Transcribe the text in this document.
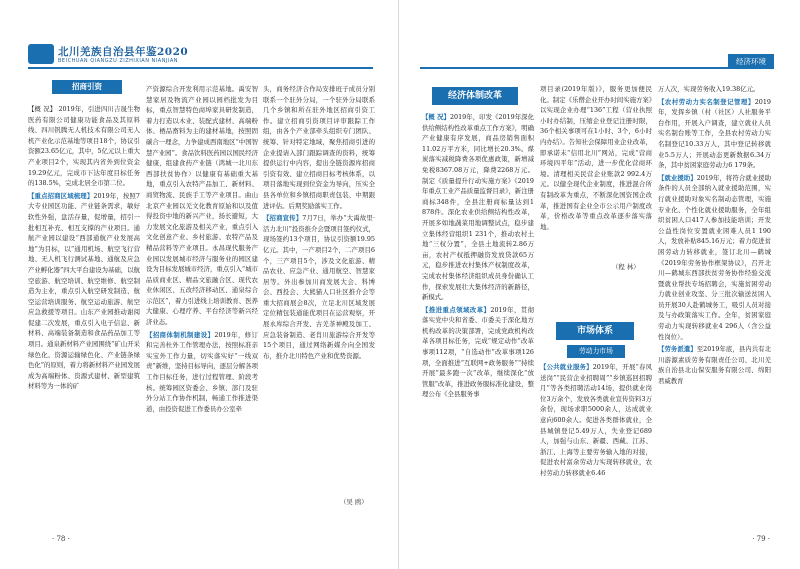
北川羌族自治县年鉴2020
BEICHUAN QIANGZU ZIZHIXIAN NIANJIAN

【概 况】 2019年，引进四川吉晟生物医药有限公司健康功能食品及其原料线、四川钒腾无人机技术有限公司无人机产业化示范基地等项目18个，协议引资额23.65亿元，其中，5亿元以上重大产业项目2个，实现其内省外到位资金19.29亿元，完成市下达年度目标任务的138.5%，完成北居全市第二位。

【重点招商区域梳理】2019年，按照7大专业园区功能、产业链条需求，敏好软性外强，盘活存量，促增量，招引一批相互补充、相互支撑的产业项目。通航产业园以建设“西部通航产业发展高地”为目标，以“通用机场、航空飞行营地、无人机飞行测试基地、通航及应急产业孵化器”四大平台建设为基础，以航空旅游、航空培训、航空维修、航空制造为主业，重点引入航空研发制造、航空运营培训服务、航空运动旅游、航空应急救援等项目。山东产业园推动谢阅促建二次发展，重点引入电子信息、新材料、高端装备制造和食品药品加工等项目。通泉新材料产业园围绕“矿山开采绿色化、资源运输绿色化、产业链条绿色化”的原则，着力将新材料产业园发展成为高端粉体、资源式建材、新型建筑材料等为一体的矿

招商引资	产资源综合开发利用示范基地。禹安智慧家居及物流产业园以园档批发为目标，重点智慧特色商埠家具研发制造，着力打造以木业、装配式建材、高端粉体、栖品畜料为主的建材基地，按照固碳合一理念，力争建成西南地区“中国智慧产业园”。食品饮料医药园以国民经济健康，组建食药产业链（鸿城一北川东西部扶贫协作）以健康有基础重大基地，重点引入农特产品加工、新材料、商贸物流、民族手工等产业项目。曲山北京产业园以羌文化教育原始和以及值得投资中地的新兴产业，扬长避短，大力发展文化旅游及相关产业，重点引入文化创意产业、乡村旅游、农特产品及精品营料等产业项目。永昌现代服务产业园以发展城市经济与服务业的园区建设为目标发展城市经济，重点引入“城市品质商业区、精品文旅融合区、现代农业休闲区、五改经济移动区、通泉综合示范区”，着力引进线上培训教育、医养大健康、心理疗养、平台经济等新兴经济业态。

【招商体制机制建设】2019年，修订和完善杜外工作管理办法，按照标准亲实宝外工作力量，切实落实好“一线双责”新维，坚持目标导向，逐层分解各项工作目标任务，进行过程管理、阶段考核。统筹园区资委会、乡镇、部门及驻外分站工作协作机制，畅通工作推进渠道，由投资促进工作委员办公室牵

头，商务经济合作局安排班子成员分别联系一个驻外分局，一个驻外分局联系几个乡镇和所在驻外地区招商引资工作。建立招商引资项目评审跟踪工作组，由各个产业部牵头组织专门团队、统筹、针对特定地域，聚焦招商引进的企业提请入部门跟踪调查的资料，统筹提供运行中内容，提出全链资源库招商引资有效、建立招商目标考核体系，以项目落地实现到位资金为导向，压实全县各单位和乡镇招商职责包装、中期跟进评估。后期奖励落实工作。

【招商宣传】7月7日，举办“大禹故里·活力北川”投资推介会暨项目签约仪式，现场签约13个项目，协议引资额19.95亿元。其中，一产项目2个，二产项目6个，三产项目5个，涉及文化旅游、精品农业、应急产业、通用航空、智慧家居等。外出参加川商发展大会、科博会、西投会、大熊猫人口社区推介会等重大招商展会8次，立足北川区域发展定位精包装通能优项目在运营观察，开展永库综合开发、古羌茶神殿及加工、应急装备制造、老肖川旅游综合开发等15个项目，通过网络新媒介向全国发布，推介北川特色产业和优势资源。

（吴 鸥）
· 78 ·
经济环境
经济体制改革

【概 况】2019年，印发《2019年深化供给侧结构性改革重点工作方案》，明确产业健康有序发展，商品房销售面积11.02万平方米，同比增长20.3%。煤炭落实减税降费各项优惠政策，新增减免税8367.08万元，降费2268万元。制定《质量提升行动实施方案》《2019年重点工业产品质量监督目录》，新注册商标348件，全县注册商标量达到1 878件。深化农业供给侧结构性改革，开展多如地蔬菜用地调整试点，稳步建立集体经营组织1 231个，推动农村土地“三权分置”，全县土地流转2.86万亩，农村产权抵押融资发放贷款65万元，稳步推进农村集体产权制度改革，完成农村集体经济组织成员身份确认工作，探索发展壮大集体经济的新路径，新模式。

【推进重点领域改革】2019年，贯彻落实党中央和省委、市委关于深化地方机构改革的决策部署，完成党政机构改革各项目标任务，完成“规定动作”改革事项112项，“自选动作”改革事项126项，全面推进“互联网+政务服务”“持续开展“最多跑一次”改革，继续深化“放管服”改革，推进政务服标准化建设，整理公布《全县服务事

项目录(2019年版)》，服务更加便民化。制定《乐僧企业开办时间实施方案》以实现企业办理“136”工程（营业执照小时办结制，压缩企业登记注册时限，36个相关事项可在1小时、3个，6小时内办结）。告知社会保障用业企业改革，即承诺未“信用北川”网站，完成“营商环境四平年”活动，进一步优化营商环境。清理相关民营企业账款2 992.4万元。以健全现代企业制度，推进混合所有制改革为重点，不断深化国资国企改革，推进国有企业全市公示用户制度改革，价格改革等重点改革逐步落实落地。

（程 林）
市场体系
劳动力市场

【公共就业服务】2019年，开展“春风送岗”“民营企业招聘周”“乡镇巡回招聘月”等各类招聘活动14场，提供就业岗位3万余个，发放各类就业宣传资料3万余份，现场求职5000余人，达成就业意向600余人。促进各类群体就业，全县城镇登记5.49万人，失业登记689人，加强与山东、新疆、西藏、江苏、浙江、上海等主要劳务输入地的对接，促进农村富余劳动力实现转移就业，农村劳动力转移就业6.46

万人次，实现劳务收入19.38亿元。

【农村劳动力实名制登记管理】2019年，发挥乡镇（村（社区）人社服务平台作用，开展入户调查，建立就业人员实名制台账等工作，全县农村劳动力实名制登记10.33万人，其中登记转移就业5.5万人；开展动态更新数据6.34万条，其中贫困家庭劳动力6 179条。

【就业援助】2019年，将符合就业援助条件的人员全部纳入就业援助范围，实行就业援助对象实名制动态管理，实施专业化、个性化就业援助服务，全年组织贫困人口417人参加技能培训；开发公益性岗位安置就业困难人员1 190人，发放补贴845.16万元；着力促进贫困劳动力转移就业，签订北川—鹤城《2019年劳务协作框架协议》，召开北川—鹤城东西部扶贫劳务协作经验交流暨就业帮扶专场招聘会，实施贫困劳动力就业创业攻坚、分三批次输送贫困人员开展30人赴鹤城务工，吸引人员对接及与办政策落实工作。全年，贫困家庭劳动力实现转移就业4 296人（含公益性岗位）。

【劳务派遣】至2019年底，县内共有北川游源素质劳务有限责任公司、北川羌族自治县北山保安服务有限公司、绵阳君威教育

· 79 ·
